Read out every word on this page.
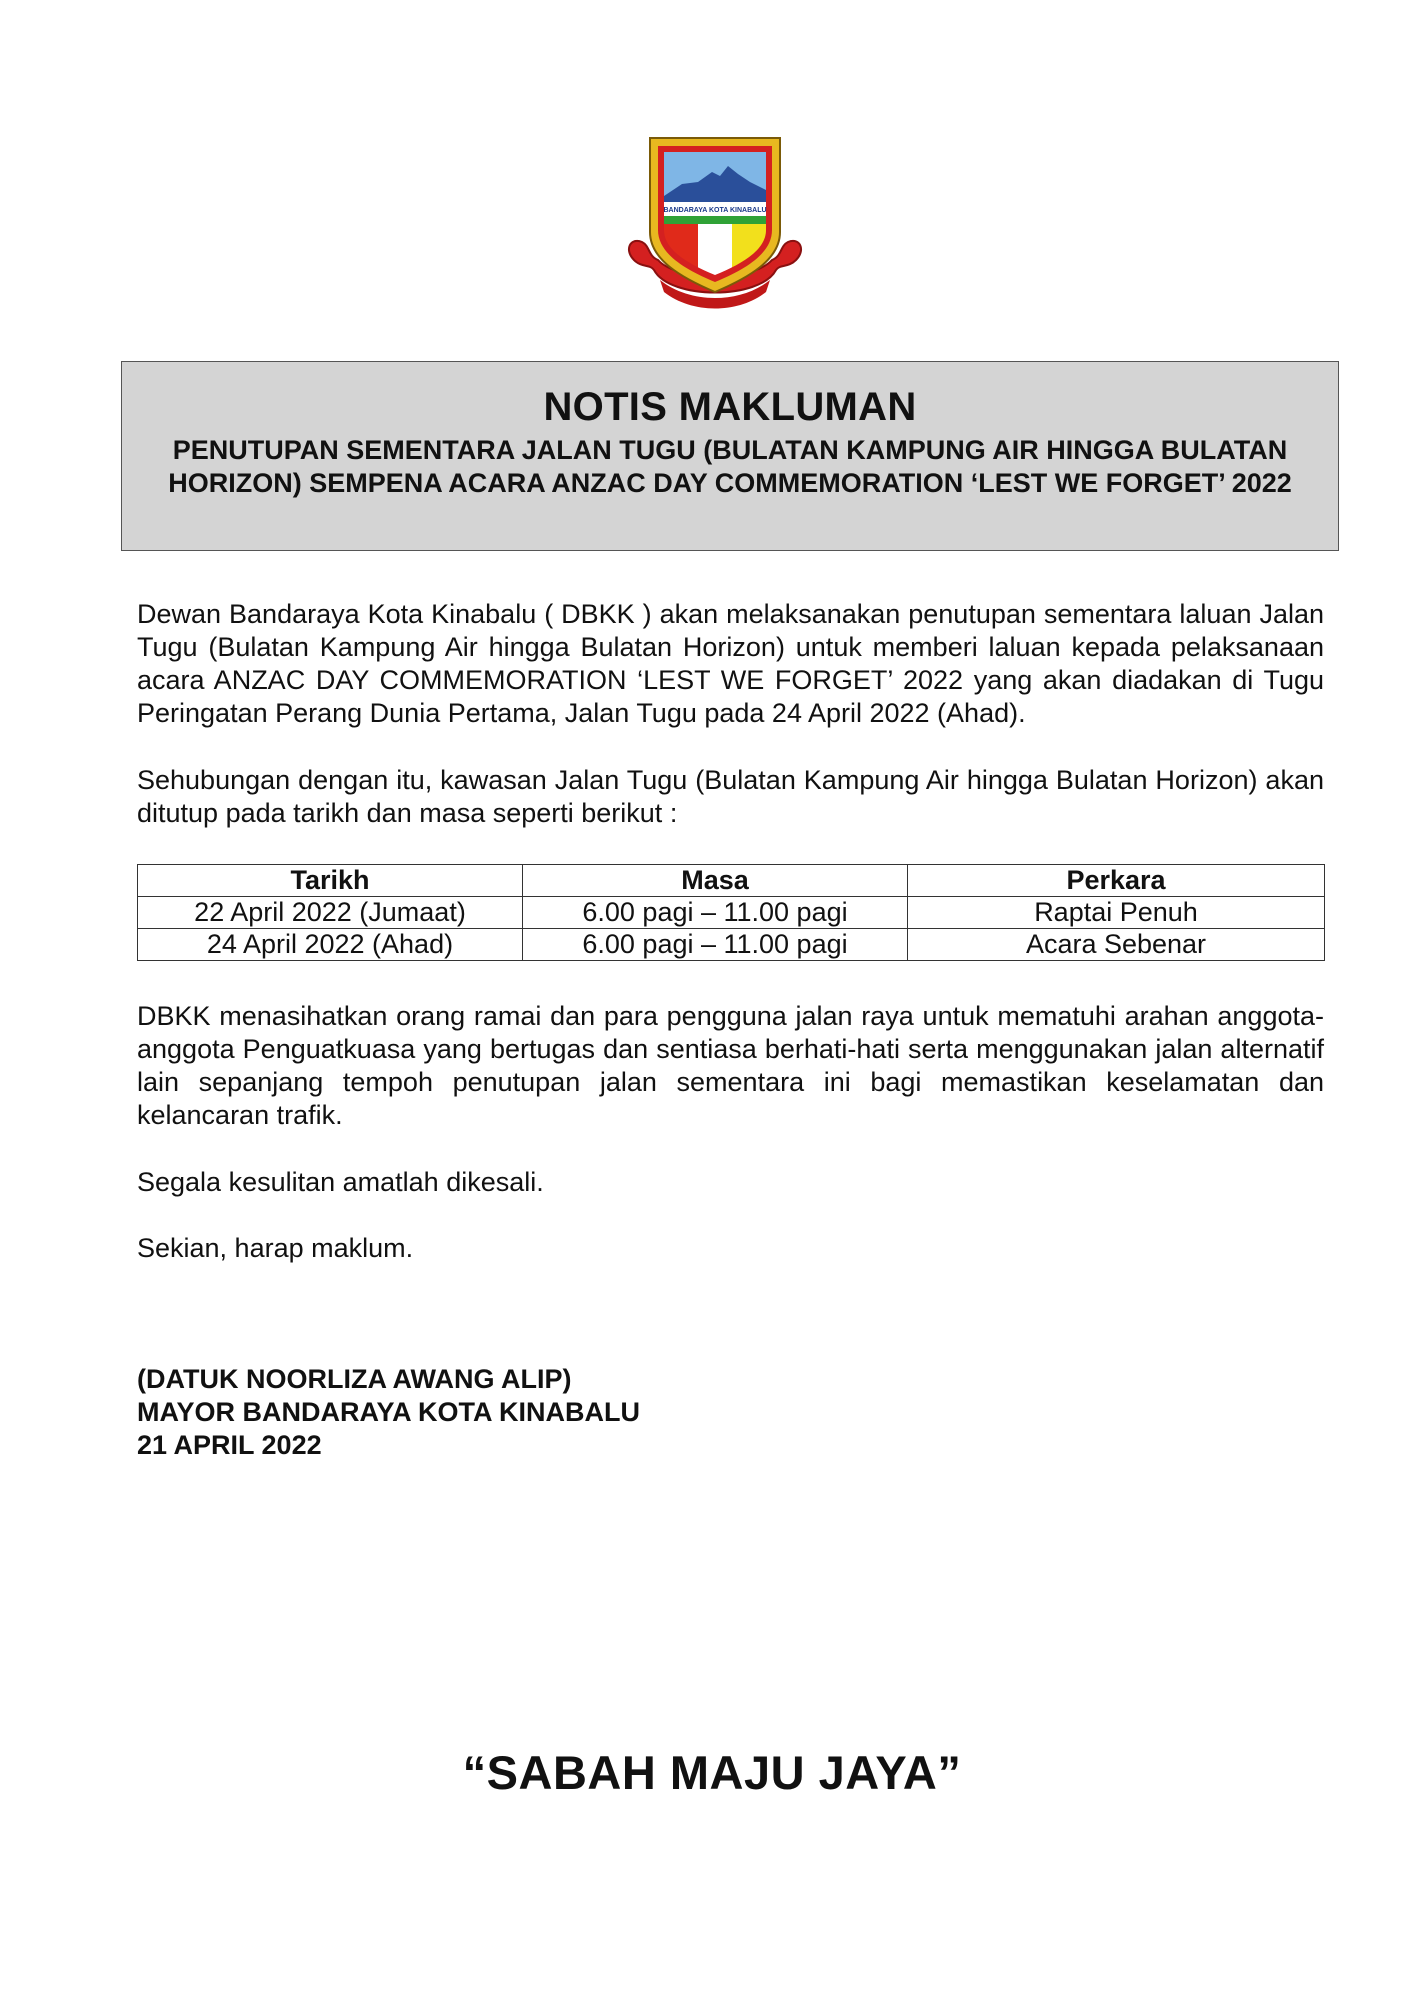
BANDARAYA KOTA KINABALU
NOTIS MAKLUMAN
PENUTUPAN SEMENTARA JALAN TUGU (BULATAN KAMPUNG AIR HINGGA BULATAN HORIZON) SEMPENA ACARA ANZAC DAY COMMEMORATION ‘LEST WE FORGET’ 2022

Dewan Bandaraya Kota Kinabalu ( DBKK ) akan melaksanakan penutupan sementara laluan Jalan Tugu (Bulatan Kampung Air hingga Bulatan Horizon) untuk memberi laluan kepada pelaksanaan acara ANZAC DAY COMMEMORATION ‘LEST WE FORGET’ 2022 yang akan diadakan di Tugu Peringatan Perang Dunia Pertama, Jalan Tugu pada 24 April 2022 (Ahad).

Sehubungan dengan itu, kawasan Jalan Tugu (Bulatan Kampung Air hingga Bulatan Horizon) akan ditutup pada tarikh dan masa seperti berikut :

Tarikh	Masa	Perkara
22 April 2022 (Jumaat)	6.00 pagi – 11.00 pagi	Raptai Penuh
24 April 2022 (Ahad)	6.00 pagi – 11.00 pagi	Acara Sebenar

DBKK menasihatkan orang ramai dan para pengguna jalan raya untuk mematuhi arahan anggota-anggota Penguatkuasa yang bertugas dan sentiasa berhati-hati serta menggunakan jalan alternatif lain sepanjang tempoh penutupan jalan sementara ini bagi memastikan keselamatan dan kelancaran trafik.

Segala kesulitan amatlah dikesali.

Sekian, harap maklum.

(DATUK NOORLIZA AWANG ALIP)
MAYOR BANDARAYA KOTA KINABALU
21 APRIL 2022
“SABAH MAJU JAYA”
